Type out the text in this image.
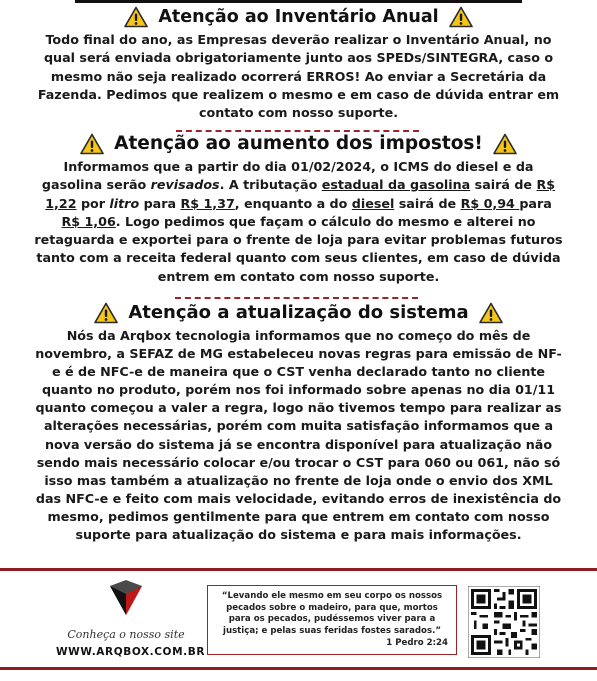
Atenção ao Inventário Anual

Todo final do ano, as Empresas deverão realizar o Inventário Anual, no qual será enviada obrigatoriamente junto aos SPEDs/SINTEGRA, caso o mesmo não seja realizado ocorrerá ERROS! Ao enviar a Secretária da Fazenda. Pedimos que realizem o mesmo e em caso de dúvida entrar em contato com nosso suporte.

Atenção ao aumento dos impostos!

Informamos que a partir do dia 01/02/2024, o ICMS do diesel e da gasolina serão revisados. A tributação estadual da gasolina sairá de R$ 1,22 por litro para R$ 1,37, enquanto a do diesel sairá de R$ 0,94 para R$ 1,06. Logo pedimos que façam o cálculo do mesmo e alterei no retaguarda e exportei para o frente de loja para evitar problemas futuros tanto com a receita federal quanto com seus clientes, em caso de dúvida entrem em contato com nosso suporte.

Atenção a atualização do sistema

Nós da Arqbox tecnologia informamos que no começo do mês de novembro, a SEFAZ de MG estabeleceu novas regras para emissão de NF-e é de NFC-e de maneira que o CST venha declarado tanto no cliente quanto no produto, porém nos foi informado sobre apenas no dia 01/11 quanto começou a valer a regra, logo não tivemos tempo para realizar as alterações necessárias, porém com muita satisfação informamos que a nova versão do sistema já se encontra disponível para atualização não sendo mais necessário colocar e/ou trocar o CST para 060 ou 061, não só isso mas também a atualização no frente de loja onde o envio dos XML das NFC-e e feito com mais velocidade, evitando erros de inexistência do mesmo, pedimos gentilmente para que entrem em contato com nosso suporte para atualização do sistema e para mais informações.

Conheça o nosso site
WWW.ARQBOX.COM.BR
“Levando ele mesmo em seu corpo os nossos pecados sobre o madeiro, para que, mortos para os pecados, pudéssemos viver para a justiça; e pelas suas feridas fostes sarados.”
1 Pedro 2:24
